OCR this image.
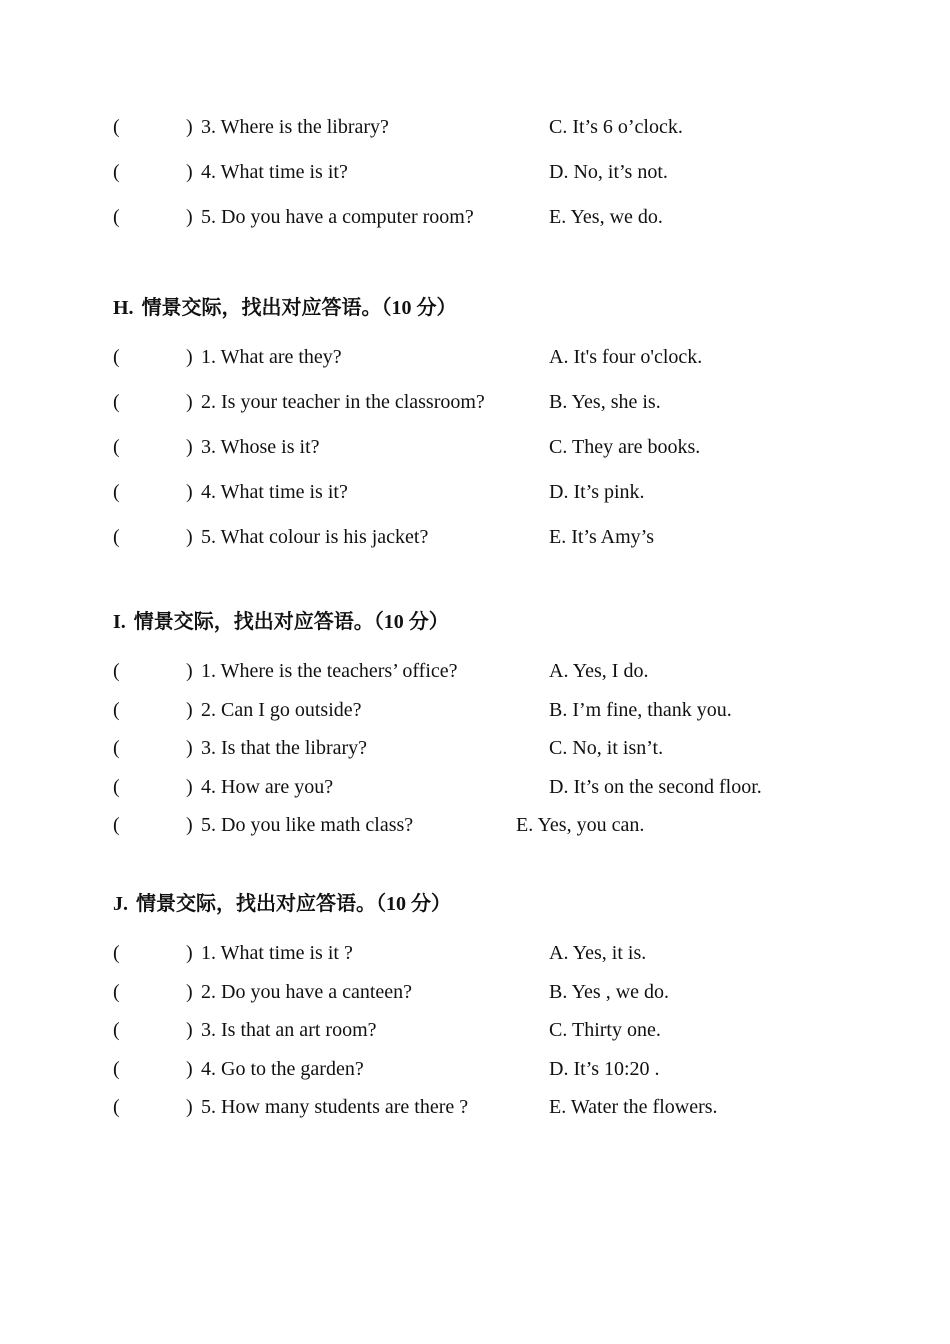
(	) 3. Where is the library?	C. It’s 6 o’clock.
(	) 4. What time is it?	D. No, it’s not.
(	) 5. Do you have a computer room?	E. Yes, we do.
H. 情景交际，找出对应答语。（10 分）
(	) 1. What are they?	A. It's four o'clock.
(	) 2. Is your teacher in the classroom?	B. Yes, she is.
(	) 3. Whose is it?	C. They are books.
(	) 4. What time is it?	D. It’s pink.
(	) 5. What colour is his jacket?	E. It’s Amy’s
I. 情景交际，找出对应答语。（10 分）
(	) 1. Where is the teachers’ office?	A. Yes, I do.
(	) 2. Can I go outside?	B. I’m fine, thank you.
(	) 3. Is that the library?	C. No, it isn’t.
(	) 4. How are you?	D. It’s on the second floor.
(	) 5. Do you like math class?	E. Yes, you can.
J. 情景交际，找出对应答语。（10 分）
(	) 1. What time is it ?	A. Yes, it is.
(	) 2. Do you have a canteen?	B. Yes , we do.
(	) 3. Is that an art room?	C. Thirty one.
(	) 4. Go to the garden?	D. It’s 10:20 .
(	) 5. How many students are there ?	E. Water the flowers.
